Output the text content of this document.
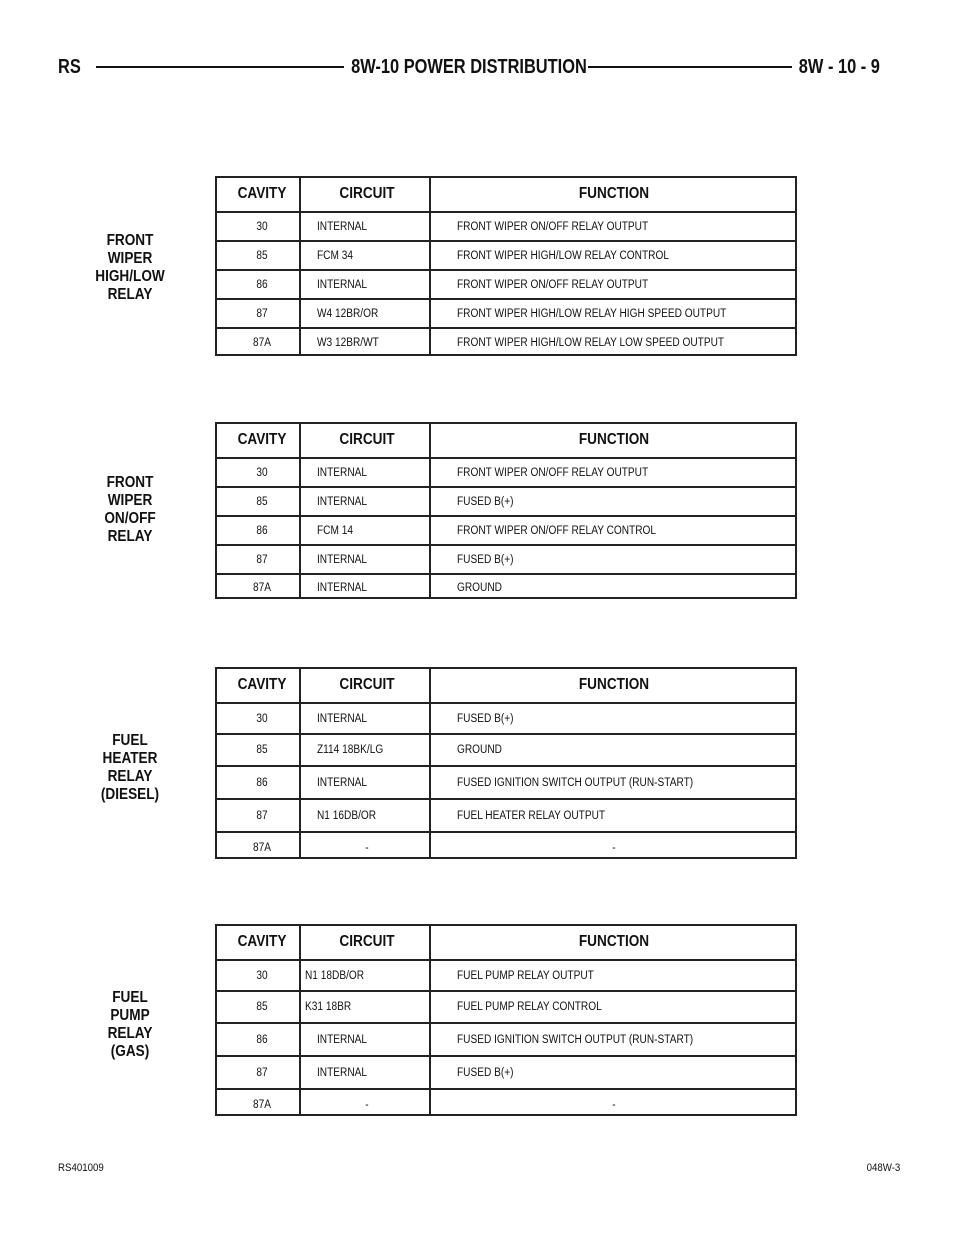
RS	8W-10 POWER DISTRIBUTION	8W - 10 - 9
FRONT
WIPER
HIGH/LOW
RELAY
CAVITY	CIRCUIT	FUNCTION
30	INTERNAL	FRONT WIPER ON/OFF RELAY OUTPUT
85	FCM 34	FRONT WIPER HIGH/LOW RELAY CONTROL
86	INTERNAL	FRONT WIPER ON/OFF RELAY OUTPUT
87	W4 12BR/OR	FRONT WIPER HIGH/LOW RELAY HIGH SPEED OUTPUT
87A	W3 12BR/WT	FRONT WIPER HIGH/LOW RELAY LOW SPEED OUTPUT
FRONT
WIPER
ON/OFF
RELAY
CAVITY	CIRCUIT	FUNCTION
30	INTERNAL	FRONT WIPER ON/OFF RELAY OUTPUT
85	INTERNAL	FUSED B(+)
86	FCM 14	FRONT WIPER ON/OFF RELAY CONTROL
87	INTERNAL	FUSED B(+)
87A	INTERNAL	GROUND
FUEL
HEATER
RELAY
(DIESEL)
CAVITY	CIRCUIT	FUNCTION
30	INTERNAL	FUSED B(+)
85	Z114 18BK/LG	GROUND
86	INTERNAL	FUSED IGNITION SWITCH OUTPUT (RUN-START)
87	N1 16DB/OR	FUEL HEATER RELAY OUTPUT
87A	-	-
FUEL
PUMP
RELAY
(GAS)
CAVITY	CIRCUIT	FUNCTION
30	N1 18DB/OR	FUEL PUMP RELAY OUTPUT
85	K31 18BR	FUEL PUMP RELAY CONTROL
86	INTERNAL	FUSED IGNITION SWITCH OUTPUT (RUN-START)
87	INTERNAL	FUSED B(+)
87A	-	-
RS401009	048W-3
